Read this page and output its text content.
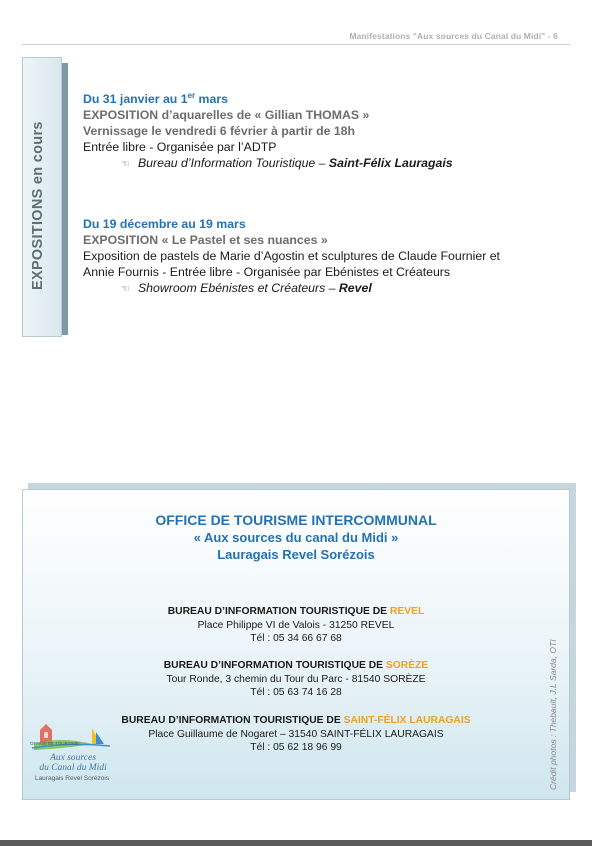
Manifestations "Aux sources du Canal du Midi" - 6
EXPOSITIONS en cours
Du 31 janvier au 1er mars
EXPOSITION d’aquarelles de « Gillian THOMAS »
Vernissage le vendredi 6 février à partir de 18h
Entrée libre - Organisée par l’ADTP
☜ Bureau d’Information Touristique – Saint-Félix Lauragais
Du 19 décembre au 19 mars
EXPOSITION « Le Pastel et ses nuances »
Exposition de pastels de Marie d’Agostin et sculptures de Claude Fournier et
Annie Fournis - Entrée libre - Organisée par Ebénistes et Créateurs
☜ Showroom Ebénistes et Créateurs – Revel
OFFICE DE TOURISME INTERCOMMUNAL
« Aux sources du canal du Midi »
Lauragais Revel Sorézois
BUREAU D’INFORMATION TOURISTIQUE DE REVEL
Place Philippe VI de Valois - 31250 REVEL
Tél : 05 34 66 67 68
BUREAU D’INFORMATION TOURISTIQUE DE SORÈZE
Tour Ronde, 3 chemin du Tour du Parc - 81540 SORÈZE
Tél : 05 63 74 16 28
BUREAU D’INFORMATION TOURISTIQUE DE SAINT-FÉLIX LAURAGAIS
Place Guillaume de Nogaret – 31540 SAINT-FÉLIX LAURAGAIS
Tél : 05 62 18 96 99	Crédit photos : Thebault, J.L Sarda, OTI
OFFICE DE TOURISME
Aux sources
du Canal du Midi
Lauragais Revel Sorézois
